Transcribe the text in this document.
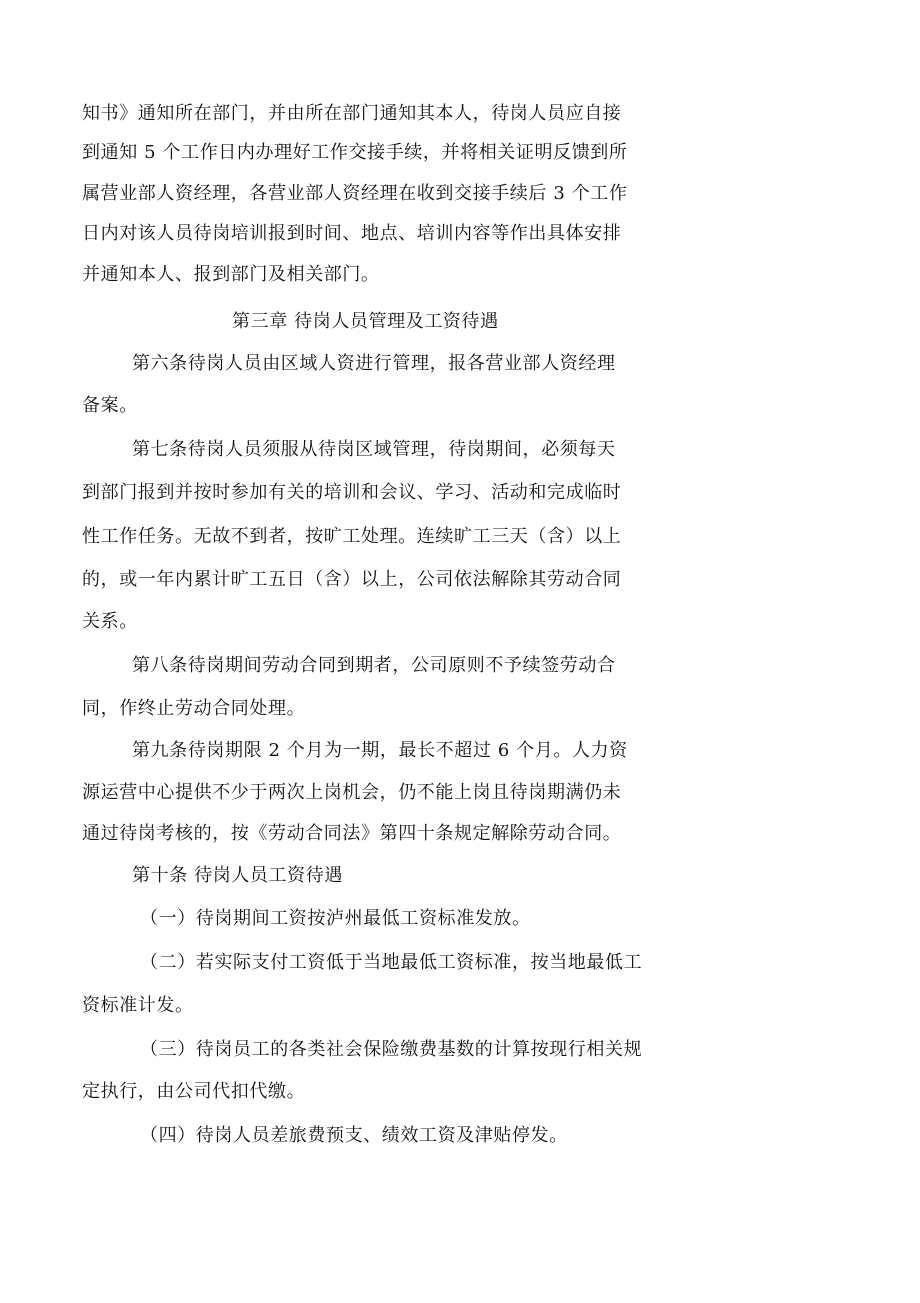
知书》通知所在部门，并由所在部门通知其本人，待岗人员应自接
到通知 5 个工作日内办理好工作交接手续，并将相关证明反馈到所
属营业部人资经理，各营业部人资经理在收到交接手续后 3 个工作
日内对该人员待岗培训报到时间、地点、培训内容等作出具体安排
并通知本人、报到部门及相关部门。
第三章 待岗人员管理及工资待遇
第六条待岗人员由区域人资进行管理，报各营业部人资经理
备案。
第七条待岗人员须服从待岗区域管理，待岗期间，必须每天
到部门报到并按时参加有关的培训和会议、学习、活动和完成临时
性工作任务。无故不到者，按旷工处理。连续旷工三天（含）以上
的，或一年内累计旷工五日（含）以上，公司依法解除其劳动合同
关系。
第八条待岗期间劳动合同到期者，公司原则不予续签劳动合
同，作终止劳动合同处理。
第九条待岗期限 2 个月为一期，最长不超过 6 个月。人力资
源运营中心提供不少于两次上岗机会，仍不能上岗且待岗期满仍未
通过待岗考核的，按《劳动合同法》第四十条规定解除劳动合同。
第十条 待岗人员工资待遇
（一）待岗期间工资按泸州最低工资标准发放。
（二）若实际支付工资低于当地最低工资标准，按当地最低工
资标准计发。
（三）待岗员工的各类社会保险缴费基数的计算按现行相关规
定执行，由公司代扣代缴。
（四）待岗人员差旅费预支、绩效工资及津贴停发。
